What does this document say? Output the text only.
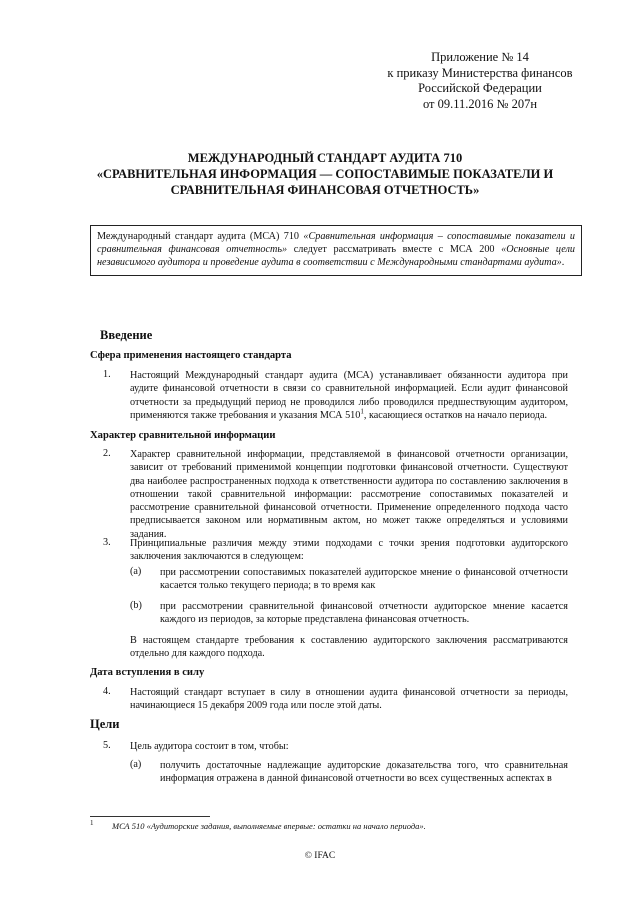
Приложение № 14
к приказу Министерства финансов
Российской Федерации
от 09.11.2016 № 207н
МЕЖДУНАРОДНЫЙ СТАНДАРТ АУДИТА 710
«СРАВНИТЕЛЬНАЯ ИНФОРМАЦИЯ — СОПОСТАВИМЫЕ ПОКАЗАТЕЛИ И
СРАВНИТЕЛЬНАЯ ФИНАНСОВАЯ ОТЧЕТНОСТЬ»
Международный стандарт аудита (МСА) 710 «Сравнительная информация – сопоставимые показатели и сравнительная финансовая отчетность» следует рассматривать вместе с МСА 200 «Основные цели независимого аудитора и проведение аудита в соответствии с Международными стандартами аудита».
Введение
Сфера применения настоящего стандарта
1. Настоящий Международный стандарт аудита (МСА) устанавливает обязанности аудитора при аудите финансовой отчетности в связи со сравнительной информацией. Если аудит финансовой отчетности за предыдущий период не проводился либо проводился предшествующим аудитором, применяются также требования и указания МСА $510^1$, касающиеся остатков на начало периода.
Характер сравнительной информации
2. Характер сравнительной информации, представляемой в финансовой отчетности организации, зависит от требований применимой концепции подготовки финансовой отчетности. Существуют два наиболее распространенных подхода к ответственности аудитора по составлению заключения в отношении такой сравнительной информации: рассмотрение сопоставимых показателей и рассмотрение сравнительной финансовой отчетности. Применение определенного подхода часто предписывается законом или нормативным актом, но может также определяться и условиями задания.
3. Принципиальные различия между этими подходами с точки зрения подготовки аудиторского заключения заключаются в следующем:
(a) при рассмотрении сопоставимых показателей аудиторское мнение о финансовой отчетности касается только текущего периода; в то время как
(b) при рассмотрении сравнительной финансовой отчетности аудиторское мнение касается каждого из периодов, за которые представлена финансовая отчетность.
В настоящем стандарте требования к составлению аудиторского заключения рассматриваются отдельно для каждого подхода.
Дата вступления в силу
4. Настоящий стандарт вступает в силу в отношении аудита финансовой отчетности за периоды, начинающиеся 15 декабря 2009 года или после этой даты.
Цели
5. Цель аудитора состоит в том, чтобы:
(a) получить достаточные надлежащие аудиторские доказательства того, что сравнительная информация отражена в данной финансовой отчетности во всех существенных аспектах в
1 МСА 510 «Аудиторские задания, выполняемые впервые: остатки на начало периода».
© IFAC
